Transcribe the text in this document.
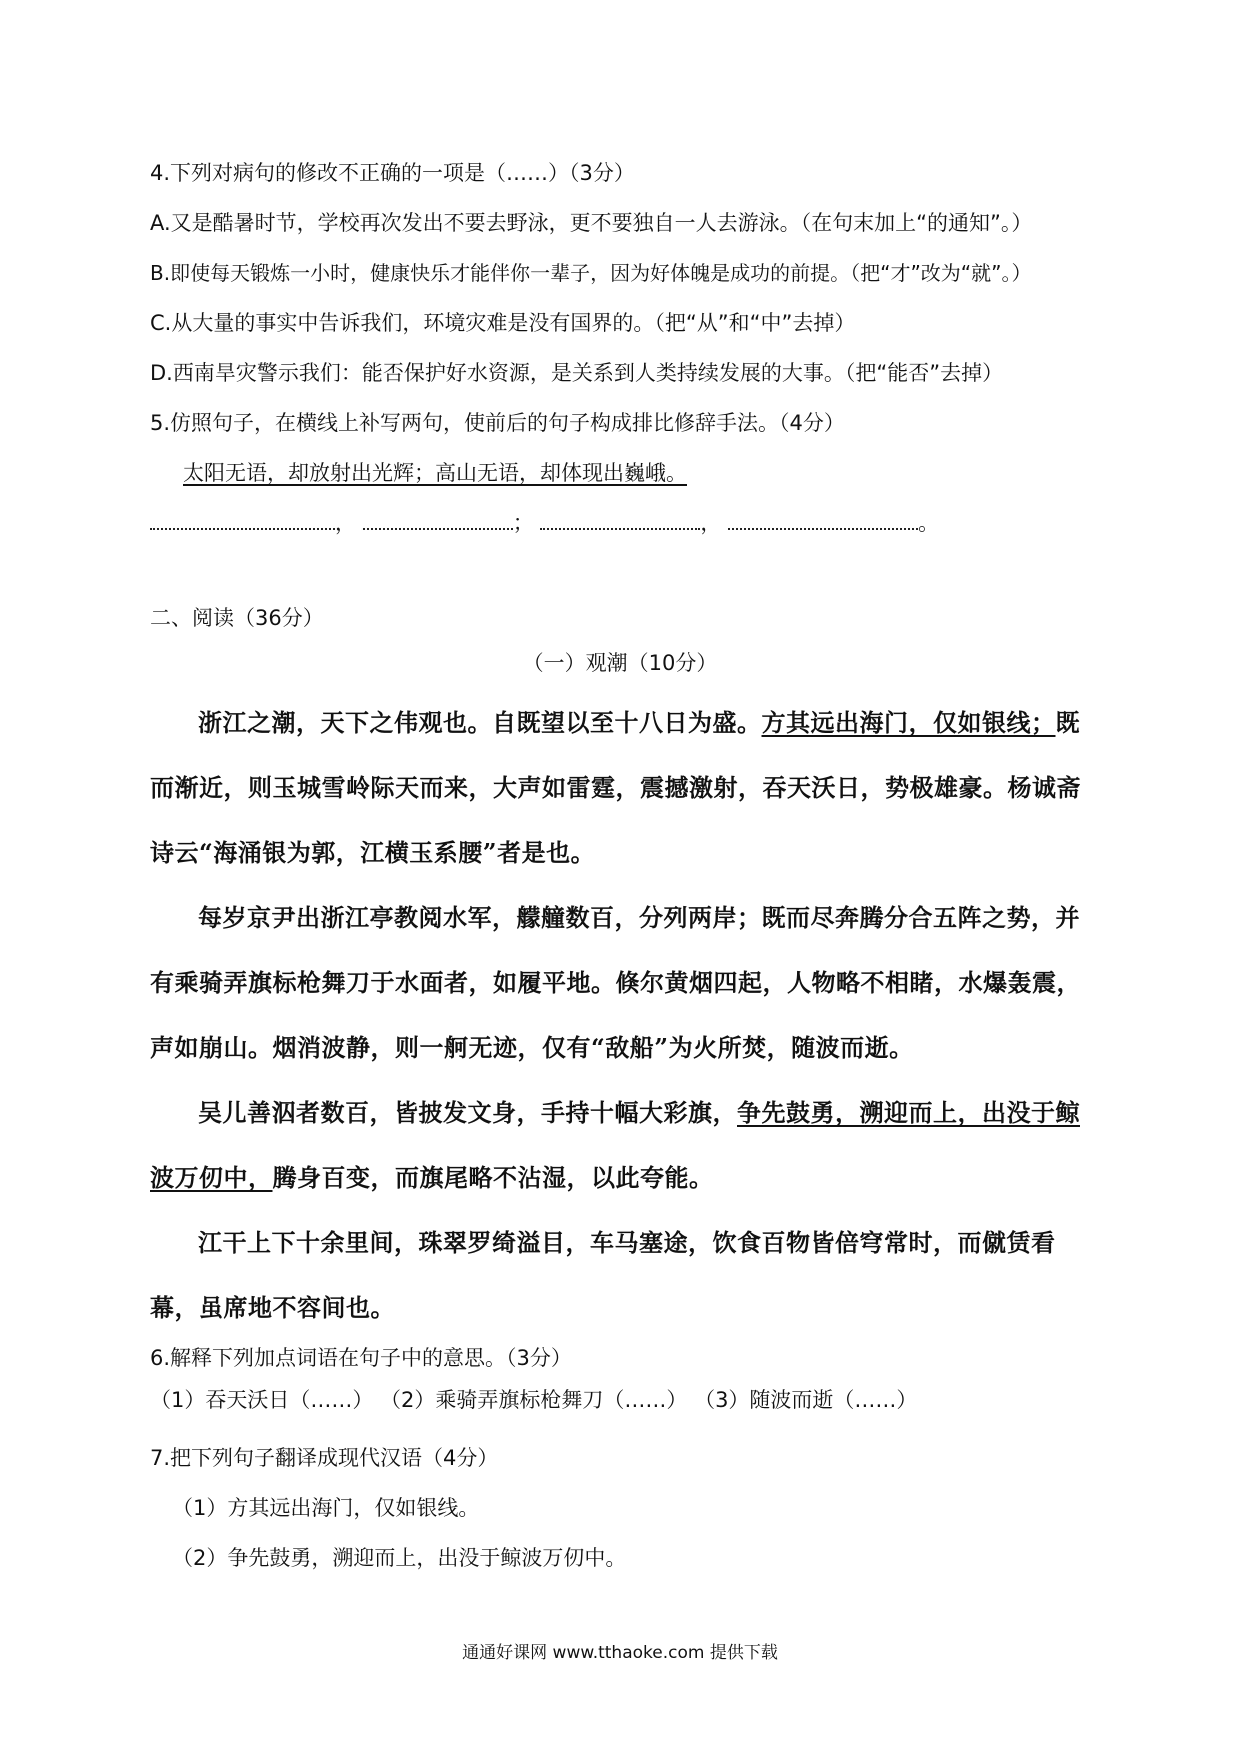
4.下列对病句的修改不正确的一项是（……）（3分）
A.又是酷暑时节，学校再次发出不要去野泳，更不要独自一人去游泳。（在句末加上“的通知”。）
B.即使每天锻炼一小时，健康快乐才能伴你一辈子，因为好体魄是成功的前提。（把“才”改为“就”。）
C.从大量的事实中告诉我们，环境灾难是没有国界的。（把“从”和“中”去掉）
D.西南旱灾警示我们：能否保护好水资源，是关系到人类持续发展的大事。（把“能否”去掉）
5.仿照句子，在横线上补写两句，使前后的句子构成排比修辞手法。（4分）
太阳无语，却放射出光辉；高山无语，却体现出巍峨。
，	；	，	。
二、阅读（36分）
（一）观潮（10分）

浙江之潮，天下之伟观也。自既望以至十八日为盛。方其远出海门，仅如银线；既而渐近，则玉城雪岭际天而来，大声如雷霆，震撼激射，吞天沃日，势极雄豪。杨诚斋诗云“海涌银为郭，江横玉系腰”者是也。

每岁京尹出浙江亭教阅水军，艨艟数百，分列两岸；既而尽奔腾分合五阵之势，并有乘骑弄旗标枪舞刀于水面者，如履平地。倏尔黄烟四起，人物略不相睹，水爆轰震，声如崩山。烟消波静，则一舸无迹，仅有“敌船”为火所焚，随波而逝。

吴儿善泅者数百，皆披发文身，手持十幅大彩旗，争先鼓勇，溯迎而上，出没于鲸波万仞中，腾身百变，而旗尾略不沾湿，以此夸能。

江干上下十余里间，珠翠罗绮溢目，车马塞途，饮食百物皆倍穹常时，而僦赁看幕，虽席地不容间也。

6.解释下列加点词语在句子中的意思。（3分）
（1）吞天沃日（……） （2）乘骑弄旗标枪舞刀（……） （3）随波而逝（……）
7.把下列句子翻译成现代汉语（4分）
（1）方其远出海门，仅如银线。
（2）争先鼓勇，溯迎而上，出没于鲸波万仞中。
通通好课网 www.tthaoke.com 提供下载
